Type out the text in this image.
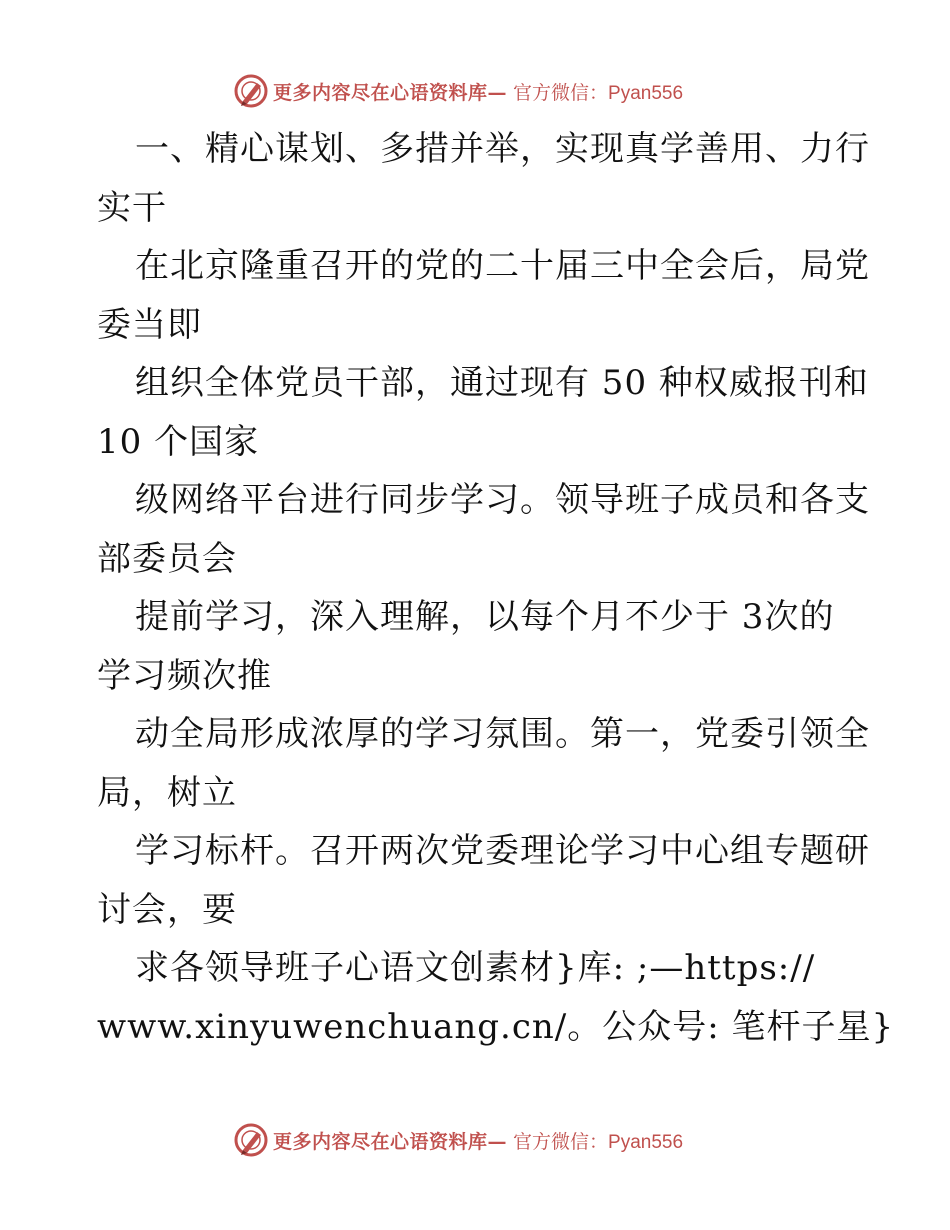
更多内容尽在心语资料库— 官方微信：Pyan556
一、精心谋划、多措并举，实现真学善用、力行
实干
在北京隆重召开的党的二十届三中全会后，局党
委当即
组织全体党员干部，通过现有 50 种权威报刊和
10 个国家
级网络平台进行同步学习。领导班子成员和各支
部委员会
提前学习，深入理解，以每个月不少于 3次的
学习频次推
动全局形成浓厚的学习氛围。第一，党委引领全
局，树立
学习标杆。召开两次党委理论学习中心组专题研
讨会，要
求各领导班子心语文创素材}库: ;—https://
www.xinyuwenchuang.cn/。公众号: 笔杆子星}
更多内容尽在心语资料库— 官方微信：Pyan556
